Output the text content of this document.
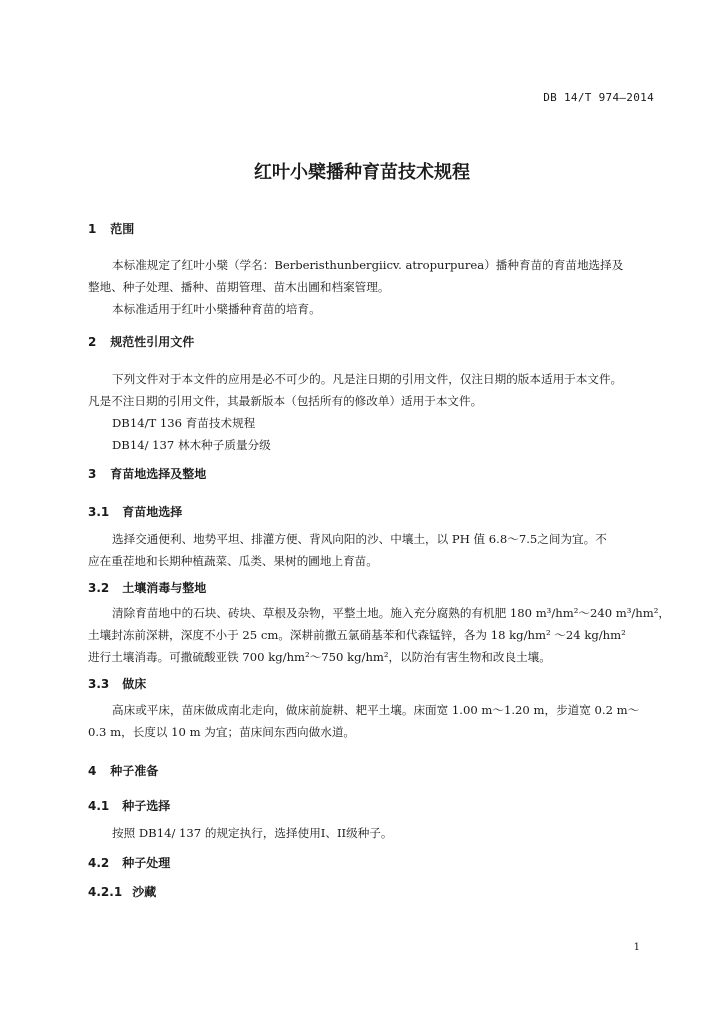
DB 14/T 974—2014
红叶小檗播种育苗技术规程
1 范围
本标准规定了红叶小檗（学名：Berberisthunbergiicv. atropurpurea）播种育苗的育苗地选择及
整地、种子处理、播种、苗期管理、苗木出圃和档案管理。
本标准适用于红叶小檗播种育苗的培育。
2 规范性引用文件
下列文件对于本文件的应用是必不可少的。凡是注日期的引用文件，仅注日期的版本适用于本文件。
凡是不注日期的引用文件，其最新版本（包括所有的修改单）适用于本文件。
DB14/T 136 育苗技术规程
DB14/ 137 林木种子质量分级
3 育苗地选择及整地
3.1 育苗地选择
选择交通便利、地势平坦、排灌方便、背风向阳的沙、中壤土，以 PH 值 6.8～7.5之间为宜。不
应在重茬地和长期种植蔬菜、瓜类、果树的圃地上育苗。
3.2 土壤消毒与整地
清除育苗地中的石块、砖块、草根及杂物，平整土地。施入充分腐熟的有机肥 180 m³/hm²～240 m³/hm²，
土壤封冻前深耕，深度不小于 25 cm。深耕前撒五氯硝基苯和代森锰锌，各为 18 kg/hm² ～24 kg/hm²
进行土壤消毒。可撒硫酸亚铁 700 kg/hm²～750 kg/hm²，以防治有害生物和改良土壤。
3.3 做床
高床或平床，苗床做成南北走向，做床前旋耕、耙平土壤。床面宽 1.00 m～1.20 m，步道宽 0.2 m～
0.3 m，长度以 10 m 为宜；苗床间东西向做水道。
4 种子准备
4.1 种子选择
按照 DB14/ 137 的规定执行，选择使用I、II级种子。
4.2 种子处理
4.2.1 沙藏
1
